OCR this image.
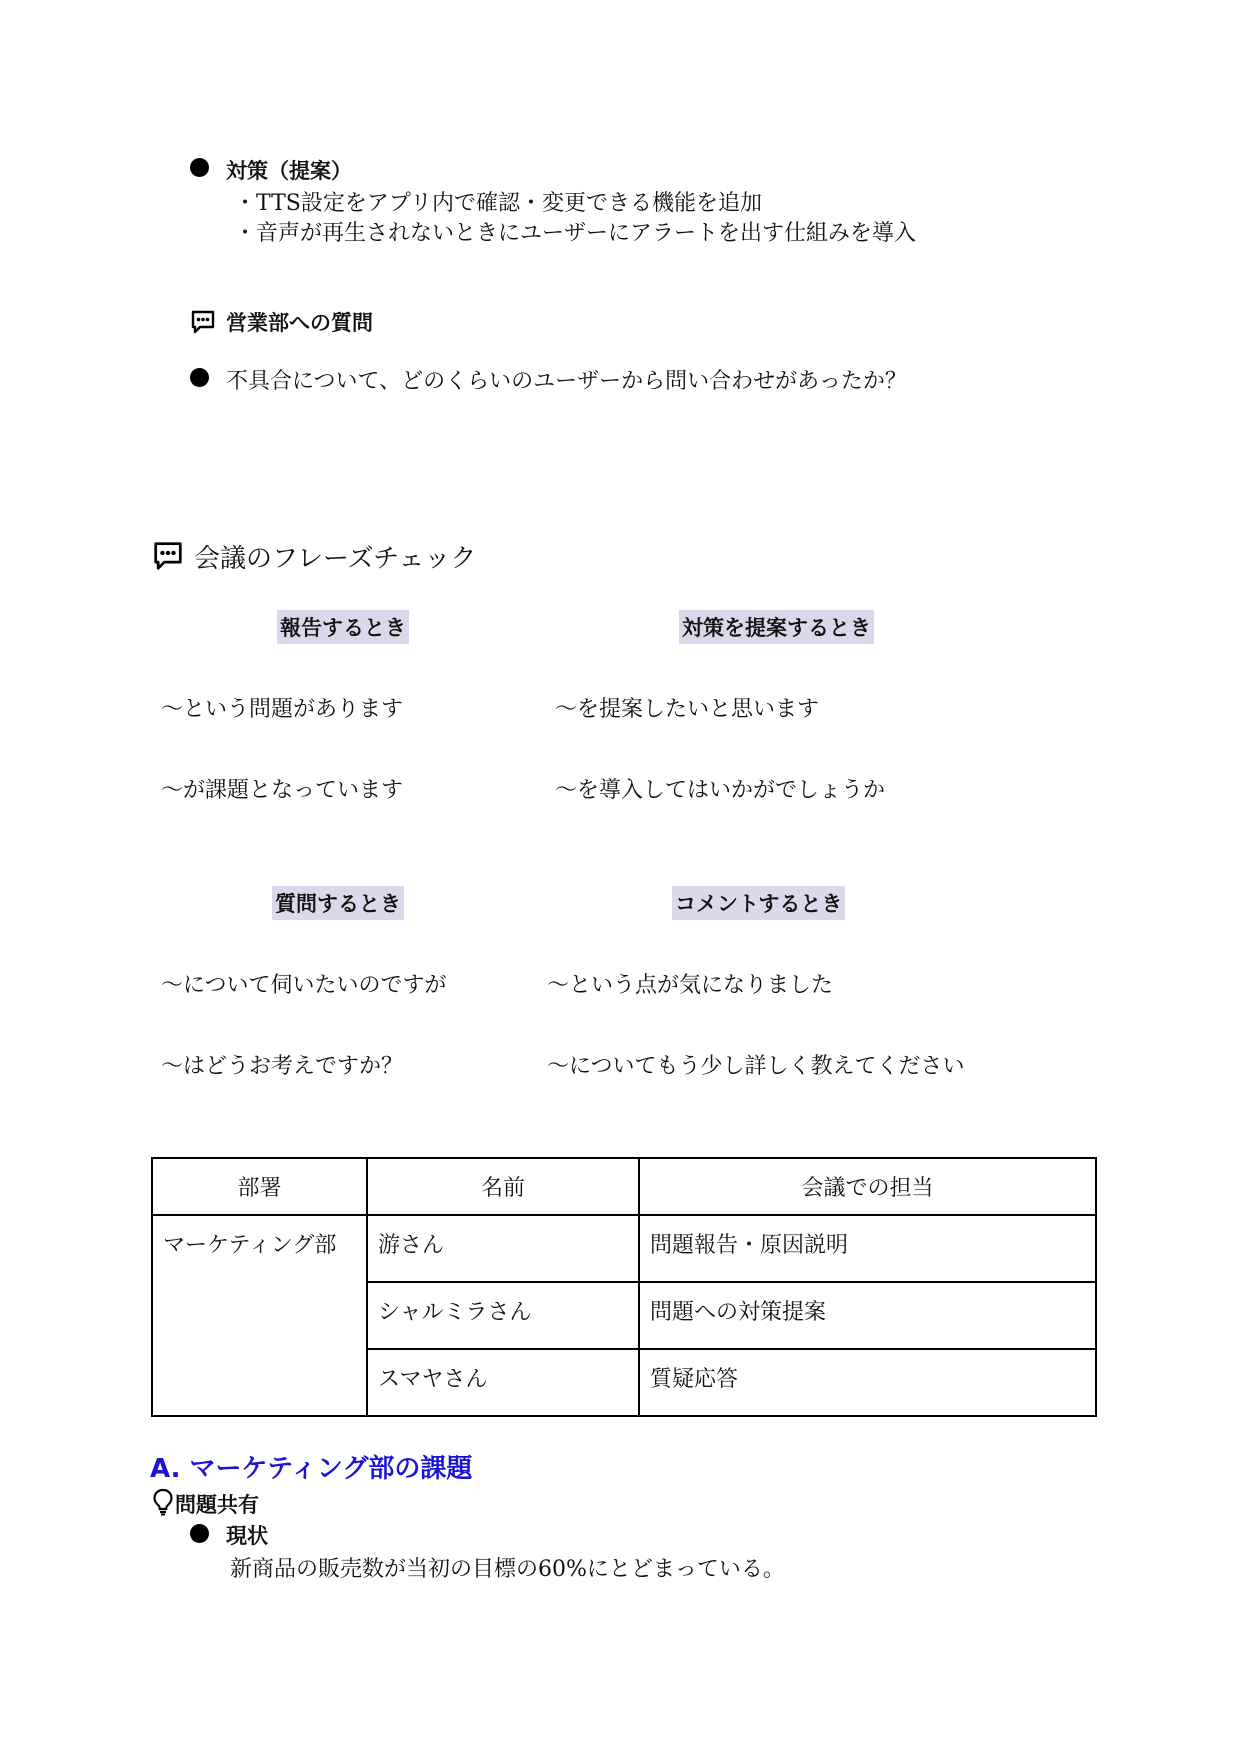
対策（提案）
・TTS設定をアプリ内で確認・変更できる機能を追加
・音声が再生されないときにユーザーにアラートを出す仕組みを導入
営業部への質問
不具合について、どのくらいのユーザーから問い合わせがあったか？
会議のフレーズチェック
報告するとき	対策を提案するとき
〜という問題があります	〜を提案したいと思います
〜が課題となっています	〜を導入してはいかがでしょうか
質問するとき	コメントするとき
〜について伺いたいのですが	〜という点が気になりました
〜はどうお考えですか？	〜についてもう少し詳しく教えてください
部署	名前	会議での担当
マーケティング部	游さん	問題報告・原因説明
	シャルミラさん	問題への対策提案
	スマヤさん	質疑応答
A. マーケティング部の課題
問題共有
現状
新商品の販売数が当初の目標の60%にとどまっている。
